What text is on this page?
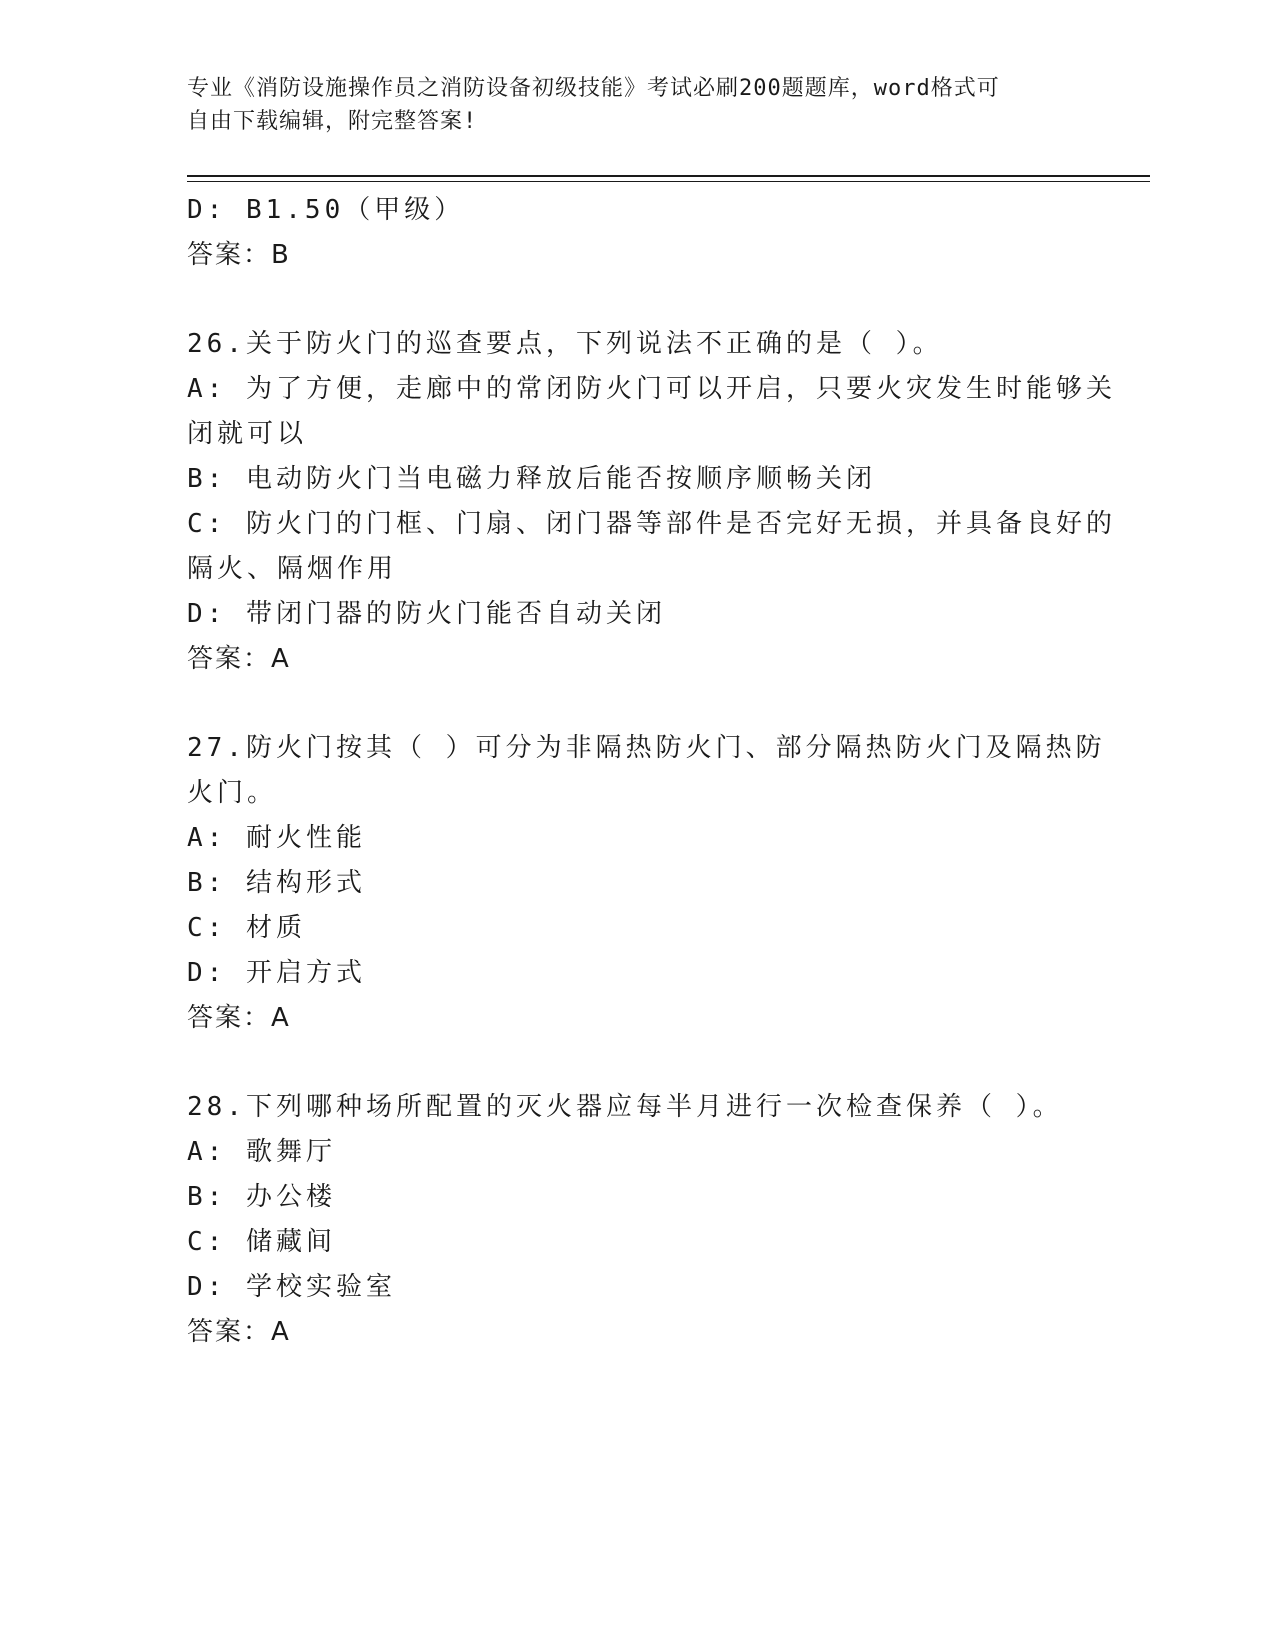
专业《消防设施操作员之消防设备初级技能》考试必刷200题题库，word格式可
自由下载编辑，附完整答案!
D: B1.50（甲级）
答案：B
26.关于防火门的巡查要点，下列说法不正确的是（ ）。
A: 为了方便，走廊中的常闭防火门可以开启，只要火灾发生时能够关
闭就可以
B: 电动防火门当电磁力释放后能否按顺序顺畅关闭
C: 防火门的门框、门扇、闭门器等部件是否完好无损，并具备良好的
隔火、隔烟作用
D: 带闭门器的防火门能否自动关闭
答案：A
27.防火门按其（ ）可分为非隔热防火门、部分隔热防火门及隔热防
火门。
A: 耐火性能
B: 结构形式
C: 材质
D: 开启方式
答案：A
28.下列哪种场所配置的灭火器应每半月进行一次检查保养（ ）。
A: 歌舞厅
B: 办公楼
C: 储藏间
D: 学校实验室
答案：A
